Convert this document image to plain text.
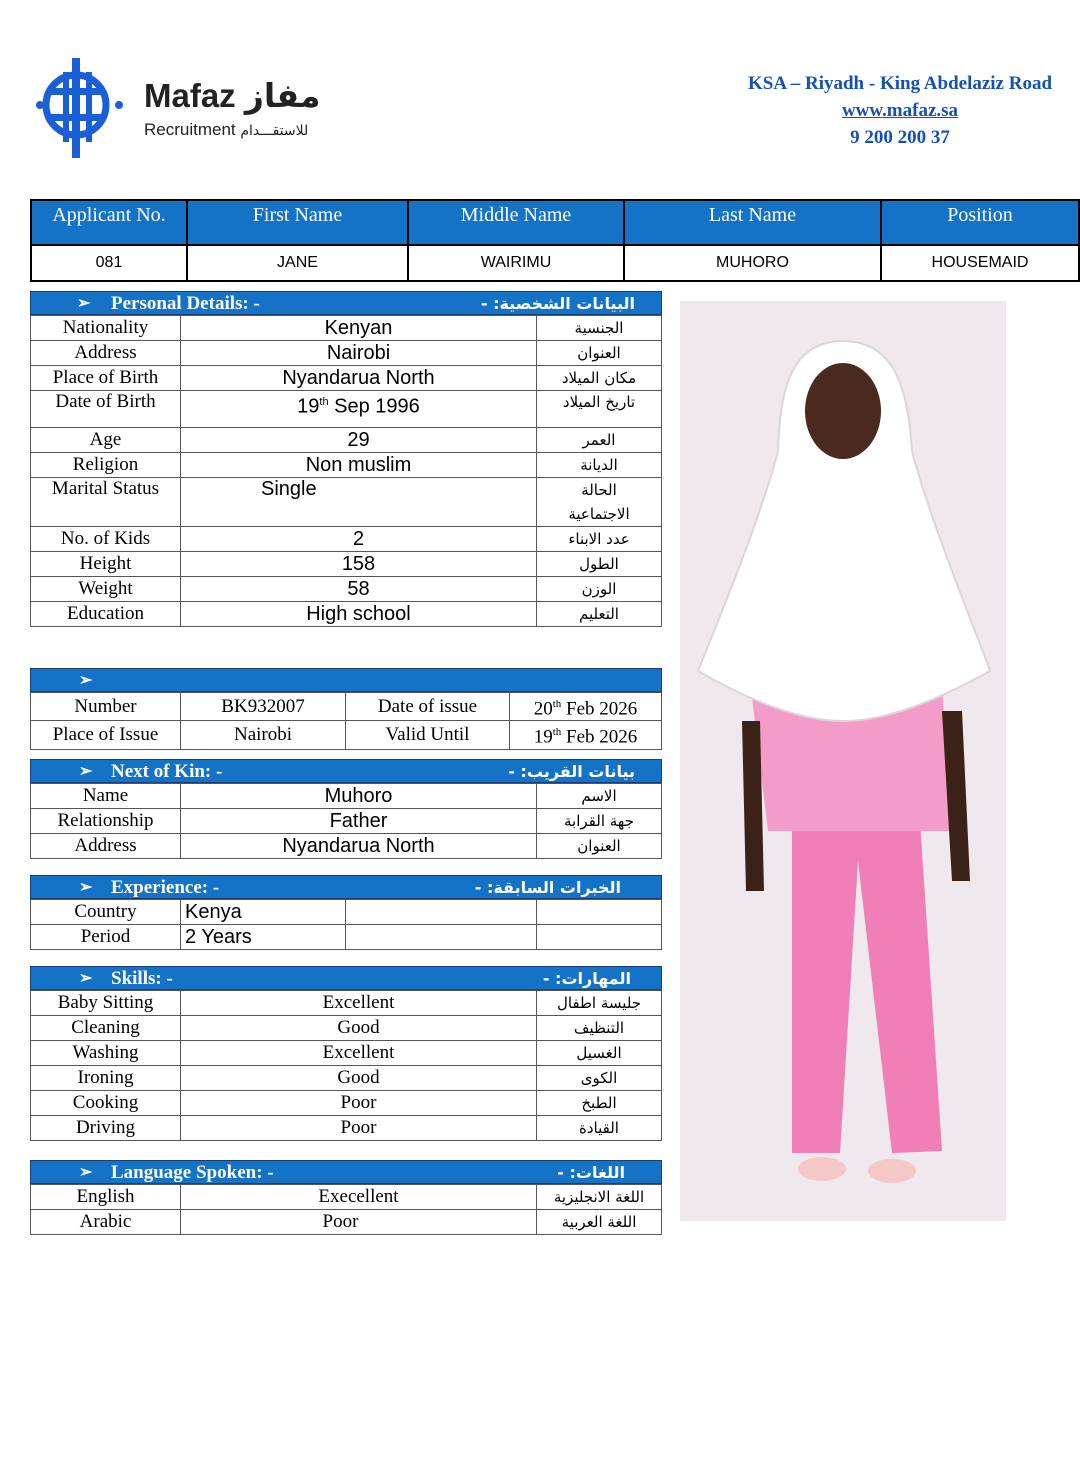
Mafaz مفاز
Recruitment للاستقـــدام
KSA – Riyadh - King Abdelaziz Road
www.mafaz.sa
9 200 200 37
Applicant No.	First Name	Middle Name	Last Name	Position
081	JANE	WAIRIMU	MUHORO	HOUSEMAID
➢ Personal Details: -	البيانات الشخصية: -
Nationality	Kenyan	الجنسية
Address	Nairobi	العنوان
Place of Birth	Nyandarua North	مكان الميلاد
Date of Birth	19th Sep 1996	تاريخ الميلاد
Age	29	العمر
Religion	Non muslim	الديانة
Marital Status	Single	الحالة
الاجتماعية

No. of Kids	2	عدد الابناء
Height	158	الطول
Weight	58	الوزن
Education	High school	التعليم
➢
Number	BK932007	Date of issue	20th Feb 2026
Place of Issue	Nairobi	Valid Until	19th Feb 2026
➢ Next of Kin: -	بيانات القريب: -
Name	Muhoro	الاسم
Relationship	Father	جهة القرابة
Address	Nyandarua North	العنوان
➢ Experience: -	الخبرات السابقة: -
Country	Kenya		
Period	2 Years		
➢ Skills: -	المهارات: -
Baby Sitting	Excellent	جليسة اطفال
Cleaning	Good	التنظيف
Washing	Excellent	الغسيل
Ironing	Good	الكوى
Cooking	Poor	الطبخ
Driving	Poor	القيادة
➢ Language Spoken: -	اللغات: -
English	Execellent	اللغة الانجليزية
Arabic	Poor	اللغة العربية
